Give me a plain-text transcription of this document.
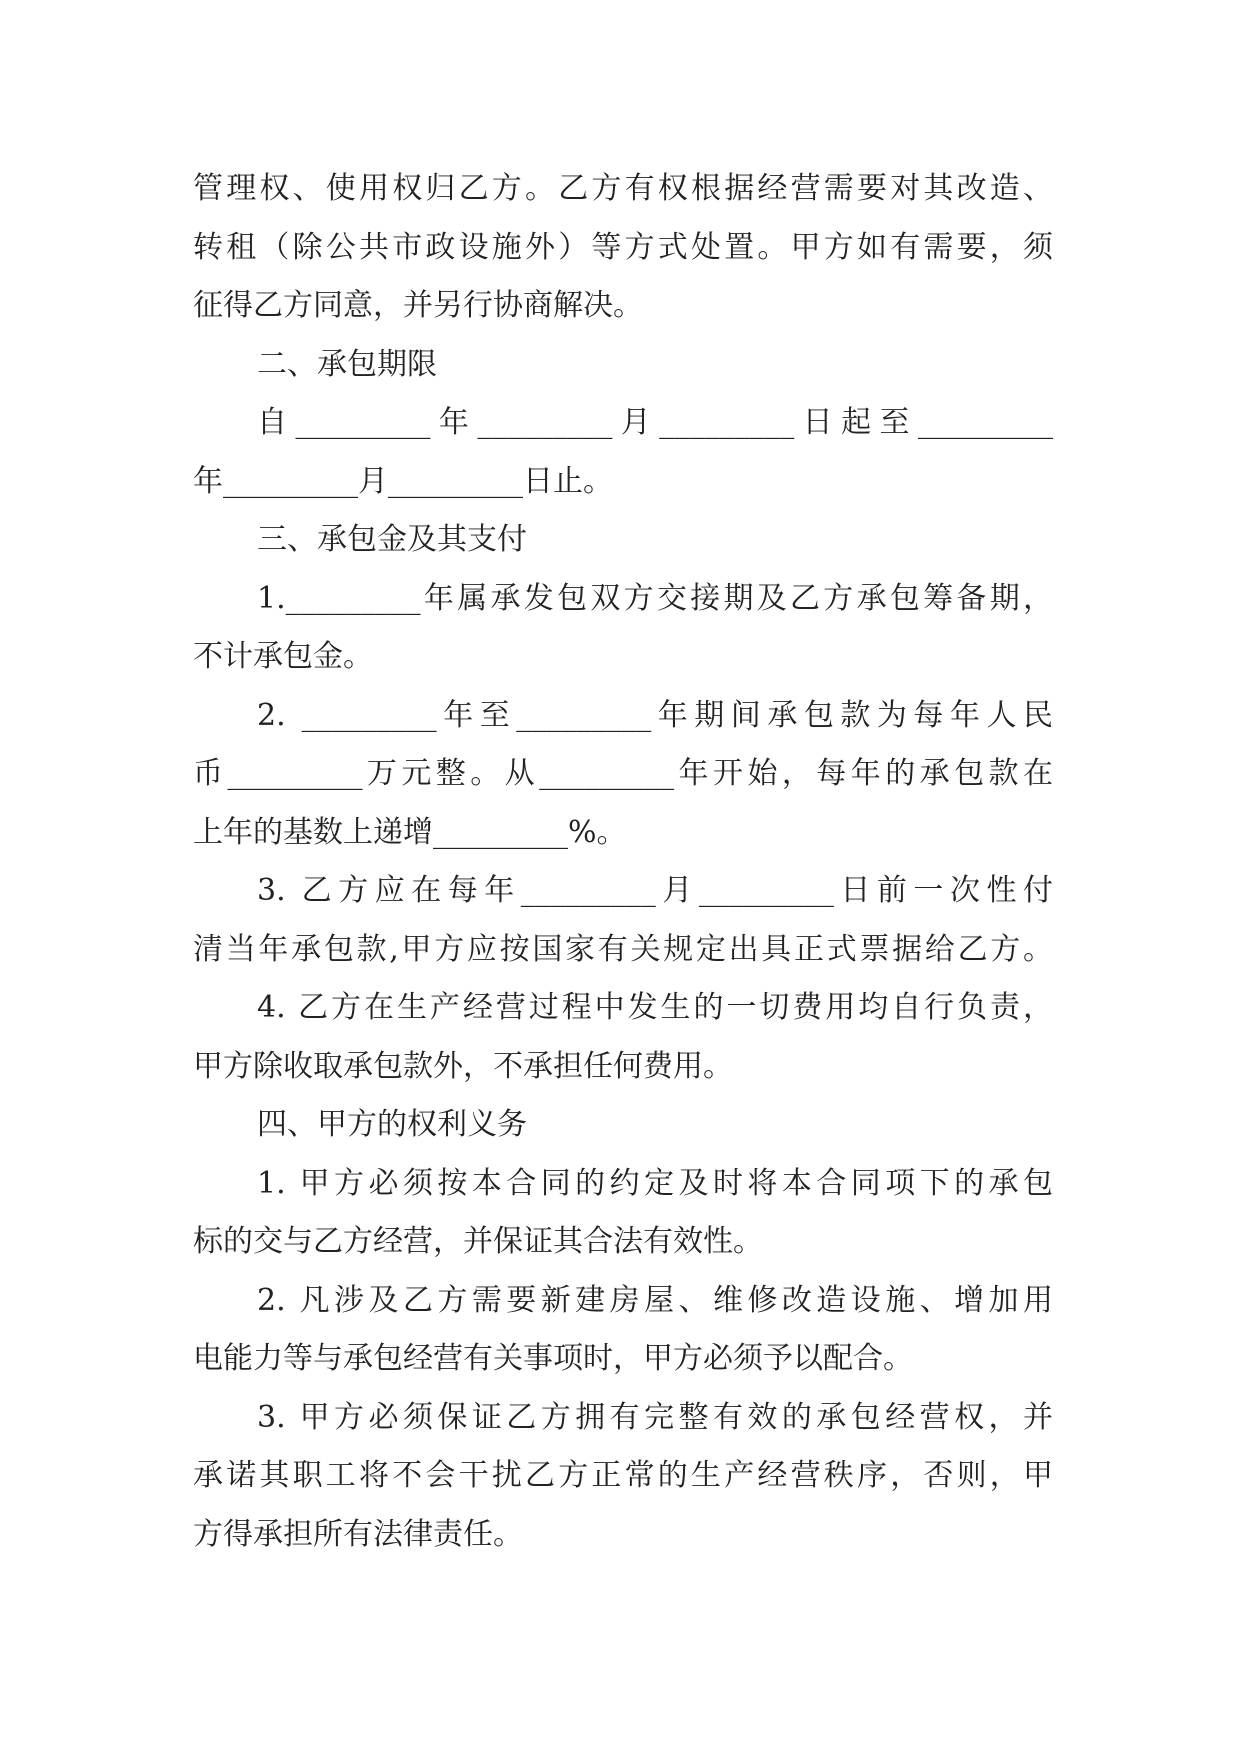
管理权、使用权归乙方。乙方有权根据经营需要对其改造、
转租（除公共市政设施外）等方式处置。甲方如有需要，须
征得乙方同意，并另行协商解决。
二、承包期限
自_________年_________月_________日起至_________
年_________月_________日止。
三、承包金及其支付
1._________年属承发包双方交接期及乙方承包筹备期，
不计承包金。
2. _________年至_________年期间承包款为每年人民
币_________万元整。从_________年开始，每年的承包款在
上年的基数上递增_________%。
3. 乙方应在每年_________月_________日前一次性付
清当年承包款,甲方应按国家有关规定出具正式票据给乙方。
4. 乙方在生产经营过程中发生的一切费用均自行负责，
甲方除收取承包款外，不承担任何费用。
四、甲方的权利义务
1. 甲方必须按本合同的约定及时将本合同项下的承包
标的交与乙方经营，并保证其合法有效性。
2. 凡涉及乙方需要新建房屋、维修改造设施、增加用
电能力等与承包经营有关事项时，甲方必须予以配合。
3. 甲方必须保证乙方拥有完整有效的承包经营权，并
承诺其职工将不会干扰乙方正常的生产经营秩序，否则，甲
方得承担所有法律责任。
